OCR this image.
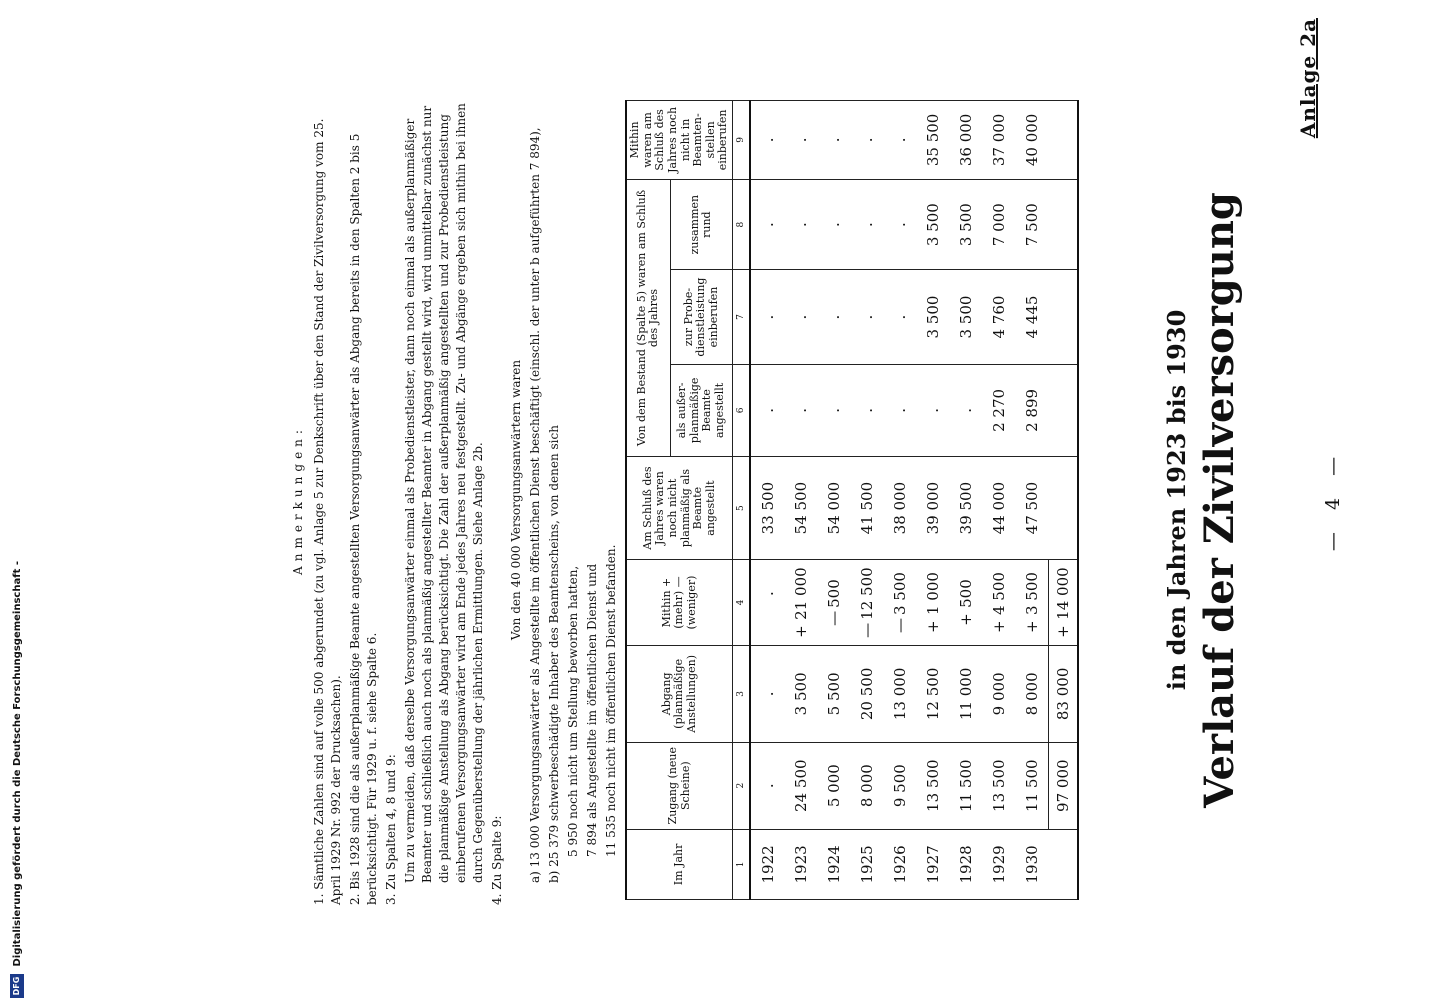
Anlage 2a
— 4 —
Verlauf der Zivilversorgung
in den Jahren 1923 bis 1930
Im Jahr	Zugang (neue Scheine)	Abgang (planmäßige Anstellungen)	Mithin + (mehr) — (weniger)	Am Schluß des Jahres waren noch nicht planmäßig als Beamte angestellt	Von dem Bestand (Spalte 5) waren am Schluß des Jahres			Mithin waren am Schluß des Jahres noch nicht in Beamten-stellen einberufen
					als außer-planmäßige Beamte angestellt	zur Probe-dienstleistung einberufen	zusammen rund	
1	2	3	4	5	6	7	8	9
1922	.	.	.	33 500	.	.	.	.
1923	24 500	3 500	+21 000	54 500	.	.	.	.
1924	5 000	5 500	—500	54 000	.	.	.	.
1925	8 000	20 500	—12 500	41 500	.	.	.	.
1926	9 500	13 000	—3 500	38 000	.	.	.	.
1927	13 500	12 500	+1 000	39 000	.	3 500	3 500	35 500
1928	11 500	11 000	+500	39 500	.	3 500	3 500	36 000
1929	13 500	9 000	+4 500	44 000	2 270	4 760	7 000	37 000
1930	11 500	8 000	+3 500	47 500	2 899	4 445	7 500	40 000
	97 000	83 000	+14 000					
Anmerkungen: 1. Sämtliche Zahlen sind auf volle 500 abgerundet (zu vgl. Anlage 5 zur Denkschrift über den Stand der Zivilversorgung vom 25. April 1929 Nr. 992 der Drucksachen). 2. Bis 1928 sind die als außerplanmäßige Beamte angestellten Versorgungsanwärter als Abgang bereits in den Spalten 2 bis 5 berücksichtigt. Für 1929 u. f. siehe Spalte 6. 3. Zu Spalten 4, 8 und 9: Um zu vermeiden, daß derselbe Versorgungsanwärter einmal als Probedienstleister, dann noch einmal als außerplanmäßiger Beamter und schließlich auch noch als planmäßig angestellter Beamter in Abgang gestellt wird, wird unmittelbar zunächst nur die planmäßige Anstellung als Abgang berücksichtigt. Die Zahl der außerplanmäßig angestellten und zur Probedienstleistung einberufenen Versorgungsanwärter wird am Ende jedes Jahres neu festgestellt. Zu- und Abgänge ergeben sich mithin bei ihnen durch Gegenüberstellung der jährlichen Ermittlungen. Siehe Anlage 2b. 4. Zu Spalte 9:
Von den 40 000 Versorgungsanwärtern waren a) 13 000 Versorgungsanwärter als Angestellte im öffentlichen Dienst beschäftigt (einschl. der unter b aufgeführten 7 894), b) 25 379 schwerbeschädigte Inhaber des Beamtenscheins, von denen sich 5 950 noch nicht um Stellung beworben hatten, 7 894 als Angestellte im öffentlichen Dienst und 11 535 noch nicht im öffentlichen Dienst befanden.
DFG Digitalisierung gefördert durch die Deutsche Forschungsgemeinschaft -
